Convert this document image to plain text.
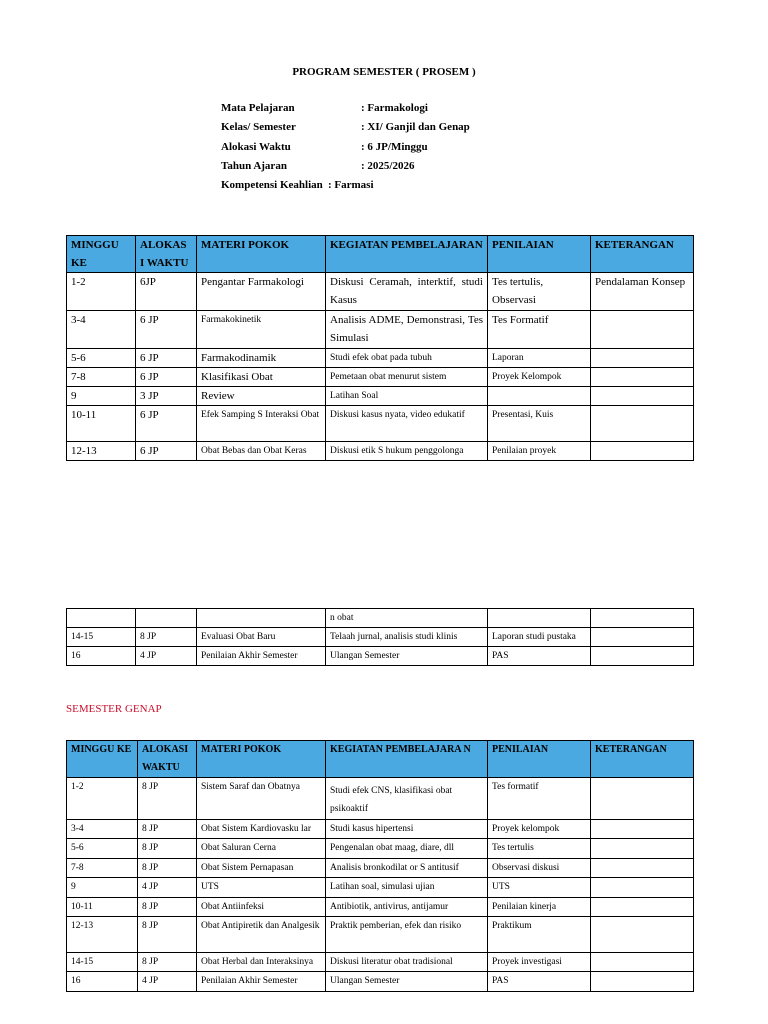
PROGRAM SEMESTER ( PROSEM )
Mata Pelajaran	: Farmakologi
Kelas/ Semester	: XI/ Ganjil dan Genap
Alokasi Waktu	: 6 JP/Minggu
Tahun Ajaran	: 2025/2026
Kompetensi Keahlian : Farmasi
MINGGU KE	ALOKAS I WAKTU	MATERI POKOK	KEGIATAN PEMBELAJARAN	PENILAIAN	KETERANGAN
1-2	6JP	Pengantar Farmakologi	Diskusi Ceramah, interktif, studi Kasus	Tes tertulis, Observasi	Pendalaman Konsep
3-4	6 JP	Farmakokinetik	Analisis ADME, Demonstrasi, Tes Simulasi	Tes Formatif	
5-6	6 JP	Farmakodinamik	Studi efek obat pada tubuh	Laporan	
7-8	6 JP	Klasifikasi Obat	Pemetaan obat menurut sistem	Proyek Kelompok	
9	3 JP	Review	Latihan Soal		
10-11	6 JP	Efek Samping S Interaksi Obat	Diskusi kasus nyata, video edukatif	Presentasi, Kuis	
12-13	6 JP	Obat Bebas dan Obat Keras	Diskusi etik S hukum penggolonga	Penilaian proyek	
			n obat		
14-15	8 JP	Evaluasi Obat Baru	Telaah jurnal, analisis studi klinis	Laporan studi pustaka	
16	4 JP	Penilaian Akhir Semester	Ulangan Semester	PAS	
SEMESTER GENAP
MINGGU KE	ALOKASI WAKTU	MATERI POKOK	KEGIATAN PEMBELAJARA N	PENILAIAN	KETERANGAN
1-2	8 JP	Sistem Saraf dan Obatnya	Studi efek CNS, klasifikasi obat psikoaktif	Tes formatif	
3-4	8 JP	Obat Sistem Kardiovasku lar	Studi kasus hipertensi	Proyek kelompok	
5-6	8 JP	Obat Saluran Cerna	Pengenalan obat maag, diare, dll	Tes tertulis	
7-8	8 JP	Obat Sistem Pernapasan	Analisis bronkodilat or S antitusif	Observasi diskusi	
9	4 JP	UTS	Latihan soal, simulasi ujian	UTS	
10-11	8 JP	Obat Antiinfeksi	Antibiotik, antivirus, antijamur	Penilaian kinerja	
12-13	8 JP	Obat Antipiretik dan Analgesik	Praktik pemberian, efek dan risiko	Praktikum	
14-15	8 JP	Obat Herbal dan Interaksinya	Diskusi literatur obat tradisional	Proyek investigasi	
16	4 JP	Penilaian Akhir Semester	Ulangan Semester	PAS	
